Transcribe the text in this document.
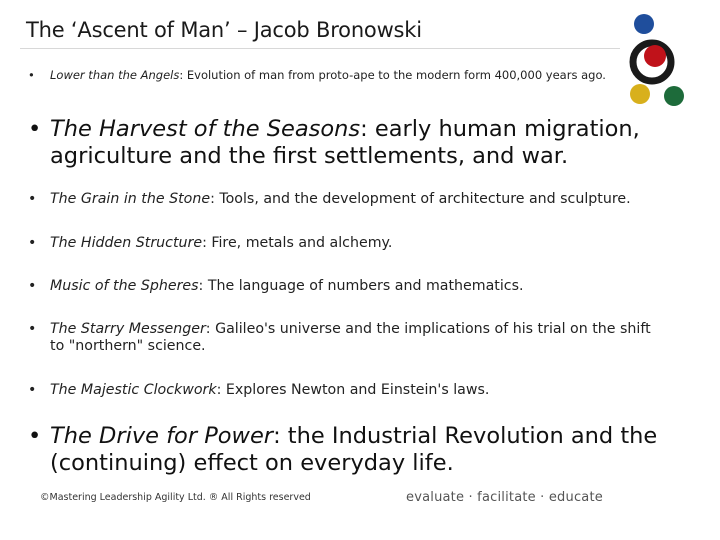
The ‘Ascent of Man’ – Jacob Bronowski
•	Lower than the Angels: Evolution of man from proto-ape to the modern form 400,000 years ago.
• The Harvest of the Seasons: early human migration, agriculture and the first settlements, and war.
• The Grain in the Stone: Tools, and the development of architecture and sculpture.
• The Hidden Structure: Fire, metals and alchemy.
• Music of the Spheres: The language of numbers and mathematics.
• The Starry Messenger: Galileo's universe and the implications of his trial on the shift to "northern" science.
• The Majestic Clockwork: Explores Newton and Einstein's laws.
• The Drive for Power: the Industrial Revolution and the (continuing) effect on everyday life.
©Mastering Leadership Agility Ltd. ® All Rights reserved	evaluate · facilitate · educate
